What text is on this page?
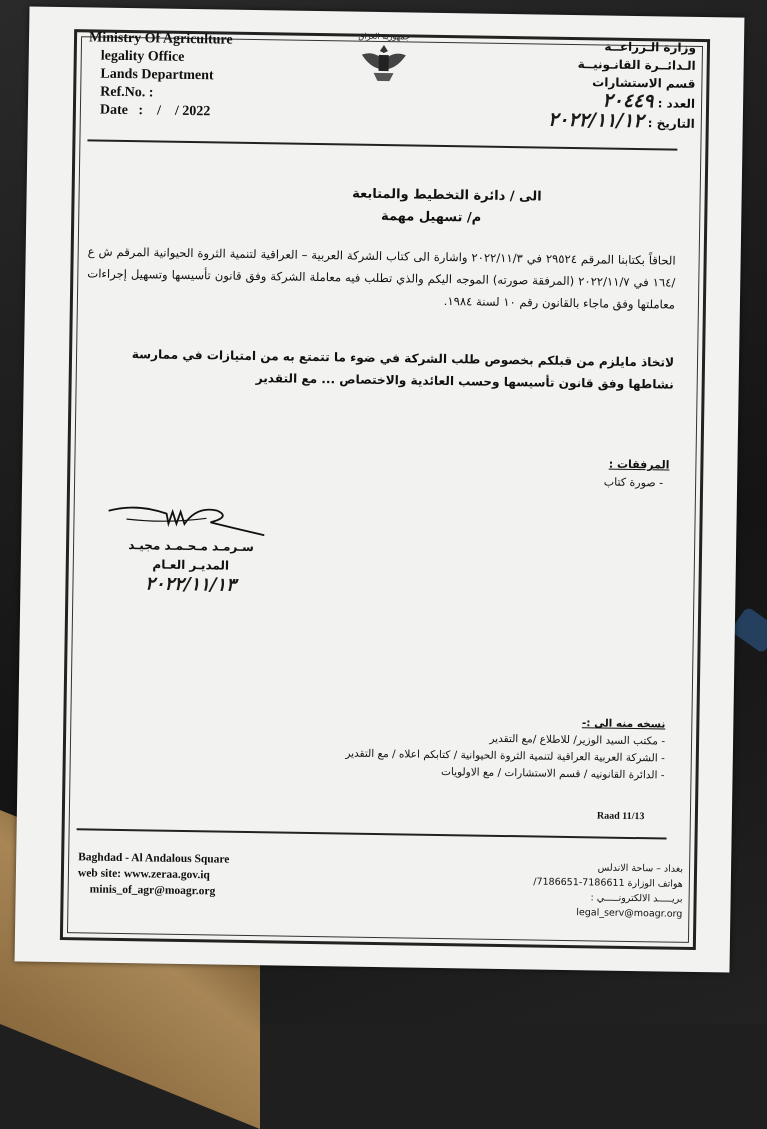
Ministry Of Agriculture
legality Office
Lands Department
Ref.No. :
Date   :    /    / 2022
جمهورية العراق
وزارة الـزراعــة
الـدائــرة القانـونيــة
قسم الاستشارات
العدد : ٢٠٤٤٩
التاريخ : ٢٠٢٢/١١/١٢
الى / دائرة التخطيط والمتابعة
م/ تسهيل مهمة
الحاقاً بكتابنا المرقم ٢٩٥٢٤ في ٢٠٢٢/١١/٣ واشارة الى كتاب الشركة العربية – العراقية لتنمية الثروة الحيوانية المرقم ش ع /١٦٤ في ٢٠٢٢/١١/٧ (المرفقة صورته) الموجه اليكم والذي تطلب فيه معاملة الشركة وفق قانون تأسيسها وتسهيل إجراءات معاملتها وفق ماجاء بالقانون رقم ١٠ لسنة ١٩٨٤.
لاتخاذ مايلزم من قبلكم بخصوص طلب الشركة في ضوء ما تتمتع به من امتيازات في ممارسة نشاطها وفق قانون تأسيسها وحسب العائدية والاختصاص ... مع التقدير
المرفقات :
- صورة كتاب
سـرمـد مـحـمـد مجيـد
المديـر العـام
٢٠٢٢/١١/١٣
نسخه منه الى :-
- مكتب السيد الوزير/ للاطلاع /مع التقدير
- الشركة العربية العراقية لتنمية الثروة الحيوانية / كتابكم اعلاه / مع التقدير
- الدائرة القانونيه / قسم الاستشارات / مع الاولويات
Raad 11/13
Baghdad - Al Andalous Square
web site: www.zeraa.gov.iq
minis_of_agr@moagr.org
بغداد – ساحة الاندلس
هواتف الوزارة 7186611-7186651/
بريـــــد الالكترونـــــي :
legal_serv@moagr.org
